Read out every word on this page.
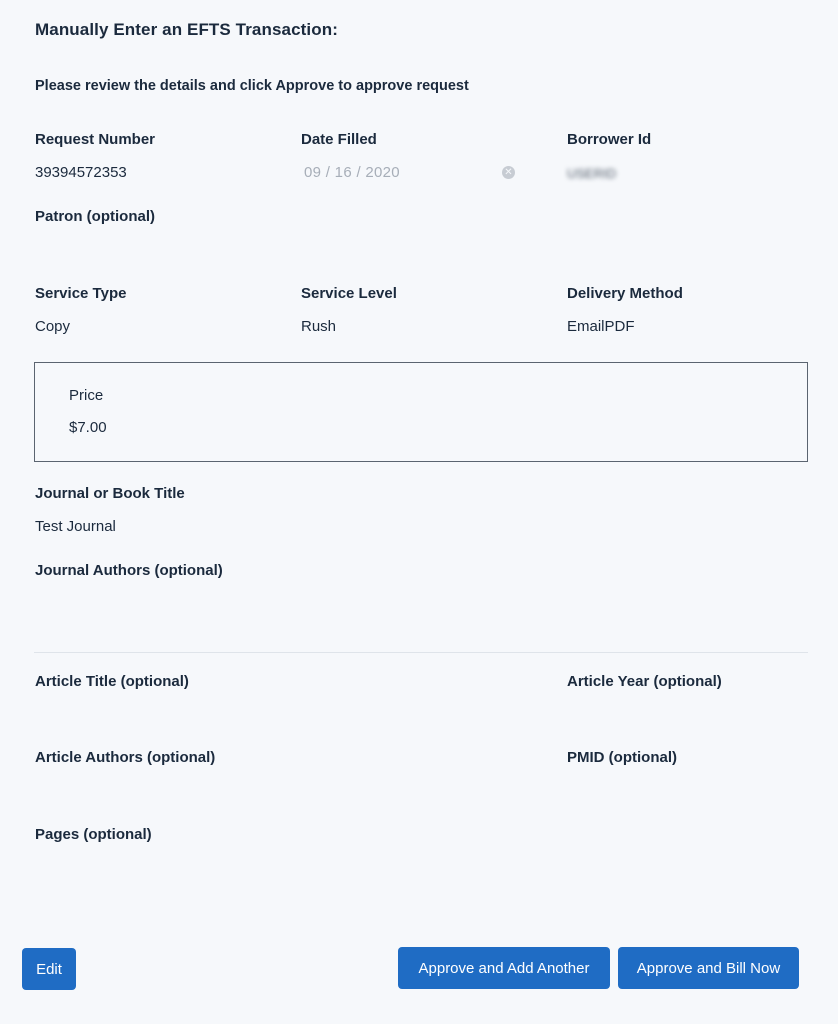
Manually Enter an EFTS Transaction:
Please review the details and click Approve to approve request
Request Number
39394572353
Date Filled
09 / 16 / 2020	✕
Borrower Id
USERID
Patron (optional)
Service Type
Copy
Service Level
Rush
Delivery Method
EmailPDF
Price
$7.00
Journal or Book Title
Test Journal
Journal Authors (optional)
Article Title (optional)	Article Year (optional)
Article Authors (optional)	PMID (optional)
Pages (optional)
Edit	Approve and Add Another	Approve and Bill Now
